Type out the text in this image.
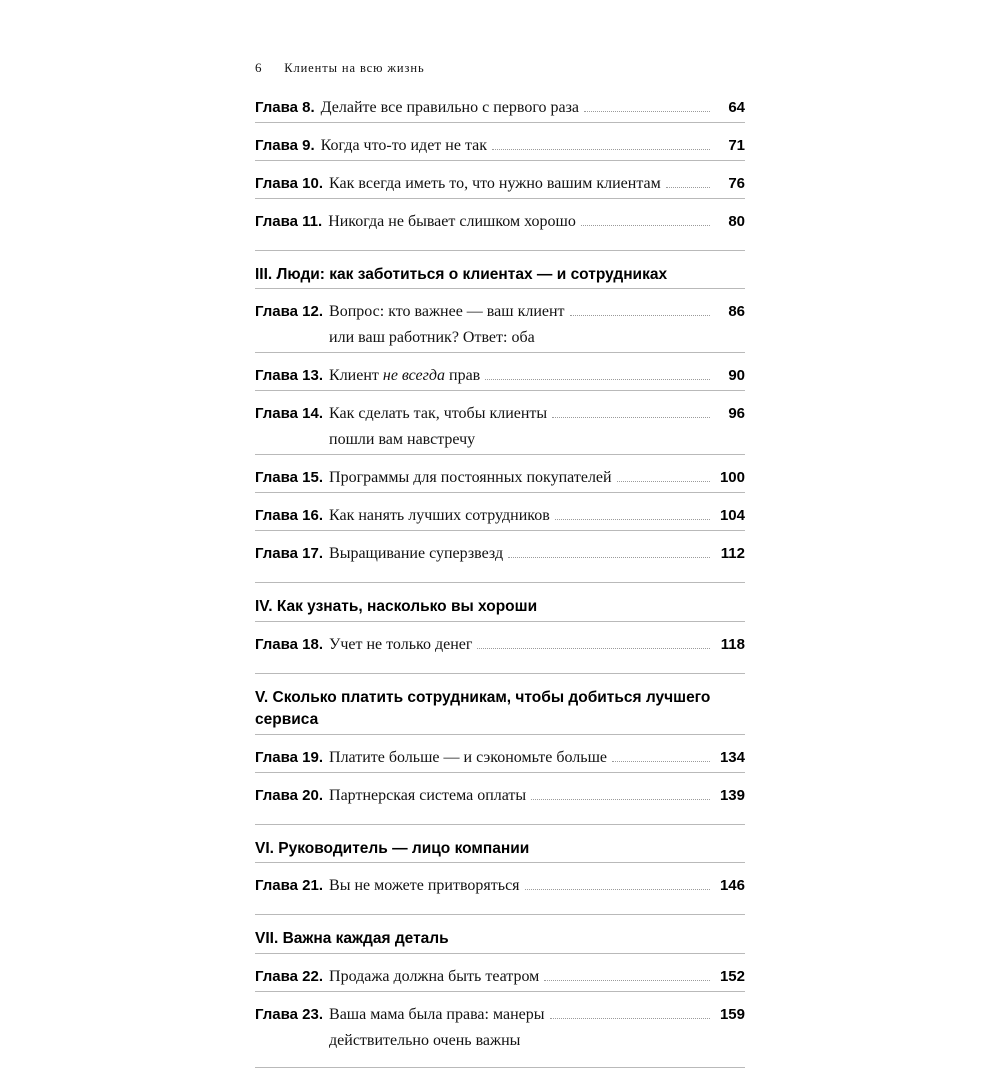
6 Клиенты на всю жизнь
Глава 8. Делайте все правильно с первого раза	64
Глава 9. Когда что-то идет не так	71
Глава 10. Как всегда иметь то, что нужно вашим клиентам	76
Глава 11. Никогда не бывает слишком хорошо	80
III. Люди: как заботиться о клиентах — и сотрудниках
Глава 12. Вопрос: кто важнее — ваш клиент	86
или ваш работник? Ответ: оба
Глава 13. Клиент не всегда прав	90
Глава 14. Как сделать так, чтобы клиенты	96
пошли вам навстречу
Глава 15. Программы для постоянных покупателей	100
Глава 16. Как нанять лучших сотрудников	104
Глава 17. Выращивание суперзвезд	112
IV. Как узнать, насколько вы хороши
Глава 18. Учет не только денег	118
V. Сколько платить сотрудникам, чтобы добиться лучшего сервиса
Глава 19. Платите больше — и сэкономьте больше	134
Глава 20. Партнерская система оплаты	139
VI. Руководитель — лицо компании
Глава 21. Вы не можете притворяться	146
VII. Важна каждая деталь
Глава 22. Продажа должна быть театром	152
Глава 23. Ваша мама была права: манеры	159
действительно очень важны
